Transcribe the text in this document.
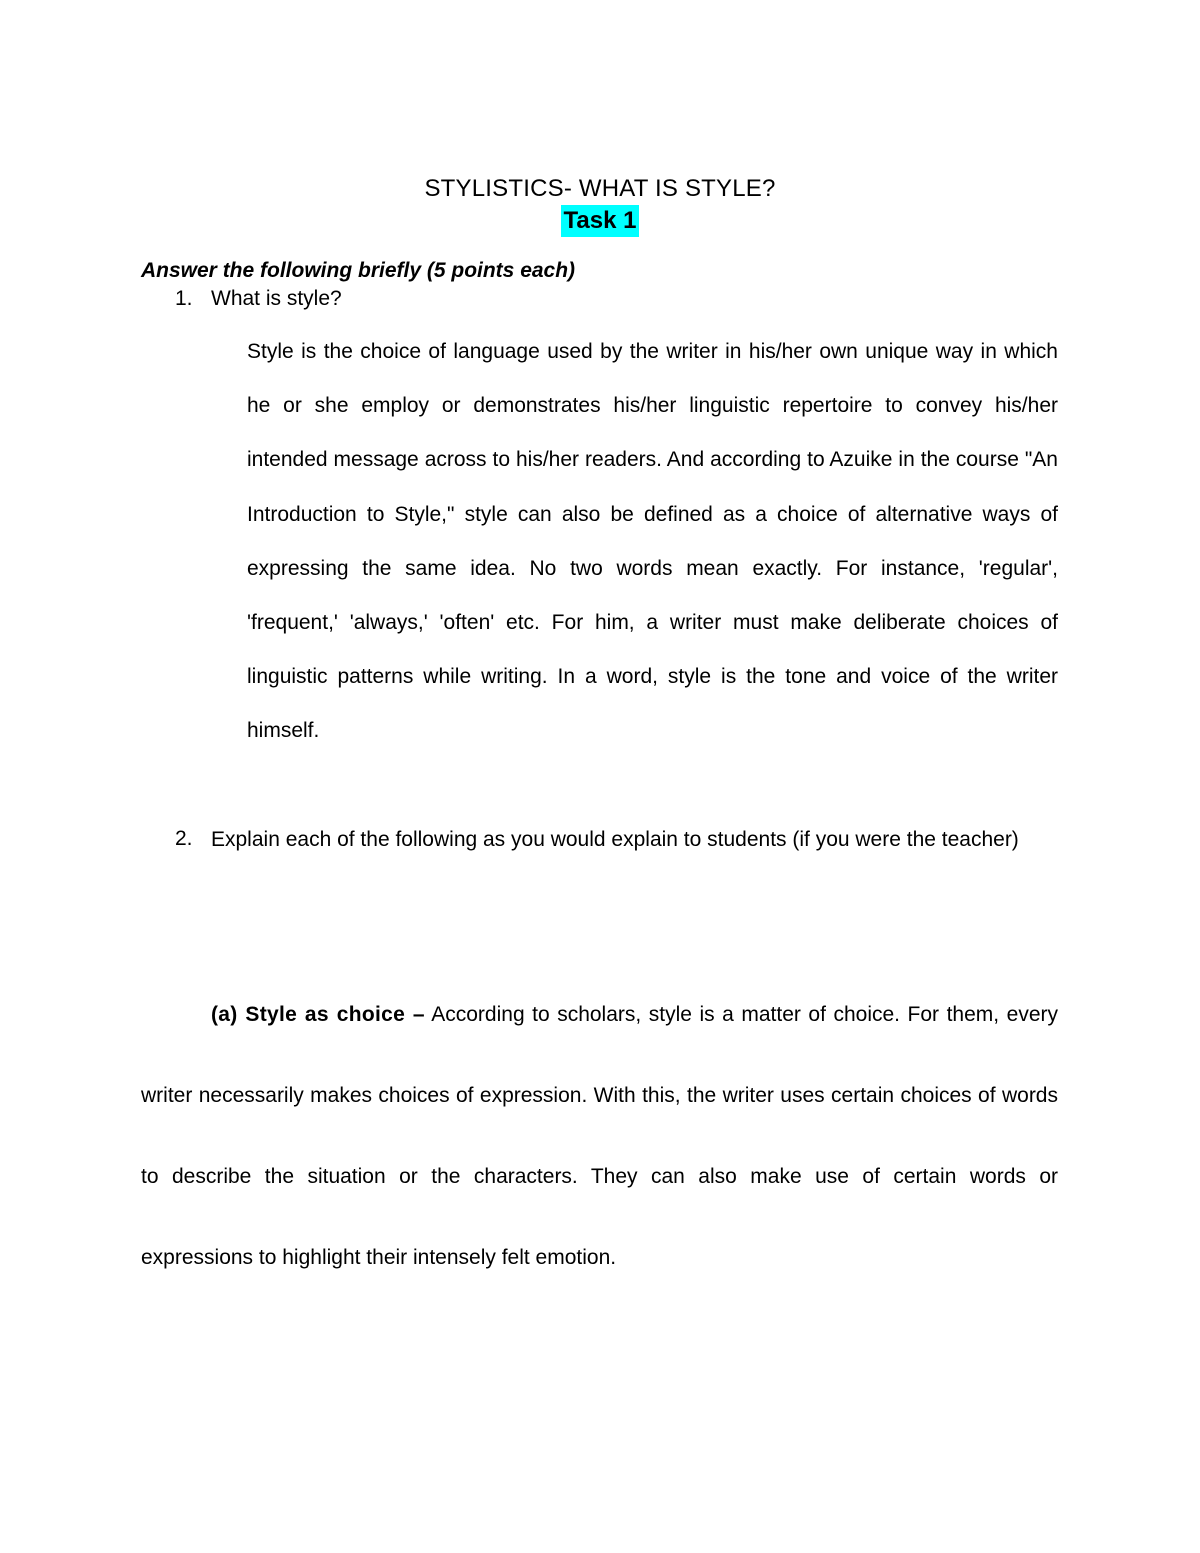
STYLISTICS- WHAT IS STYLE?
Task 1
Answer the following briefly (5 points each)
1. What is style?

Style is the choice of language used by the writer in his/her own unique way in which he or she employ or demonstrates his/her linguistic repertoire to convey his/her intended message across to his/her readers. And according to Azuike in the course "An Introduction to Style," style can also be defined as a choice of alternative ways of expressing the same idea. No two words mean exactly. For instance, 'regular', 'frequent,' 'always,' 'often' etc. For him, a writer must make deliberate choices of linguistic patterns while writing. In a word, style is the tone and voice of the writer himself.

2. Explain each of the following as you would explain to students (if you were the teacher)

(a) Style as choice – According to scholars, style is a matter of choice. For them, every writer necessarily makes choices of expression. With this, the writer uses certain choices of words to describe the situation or the characters. They can also make use of certain words or expressions to highlight their intensely felt emotion.
